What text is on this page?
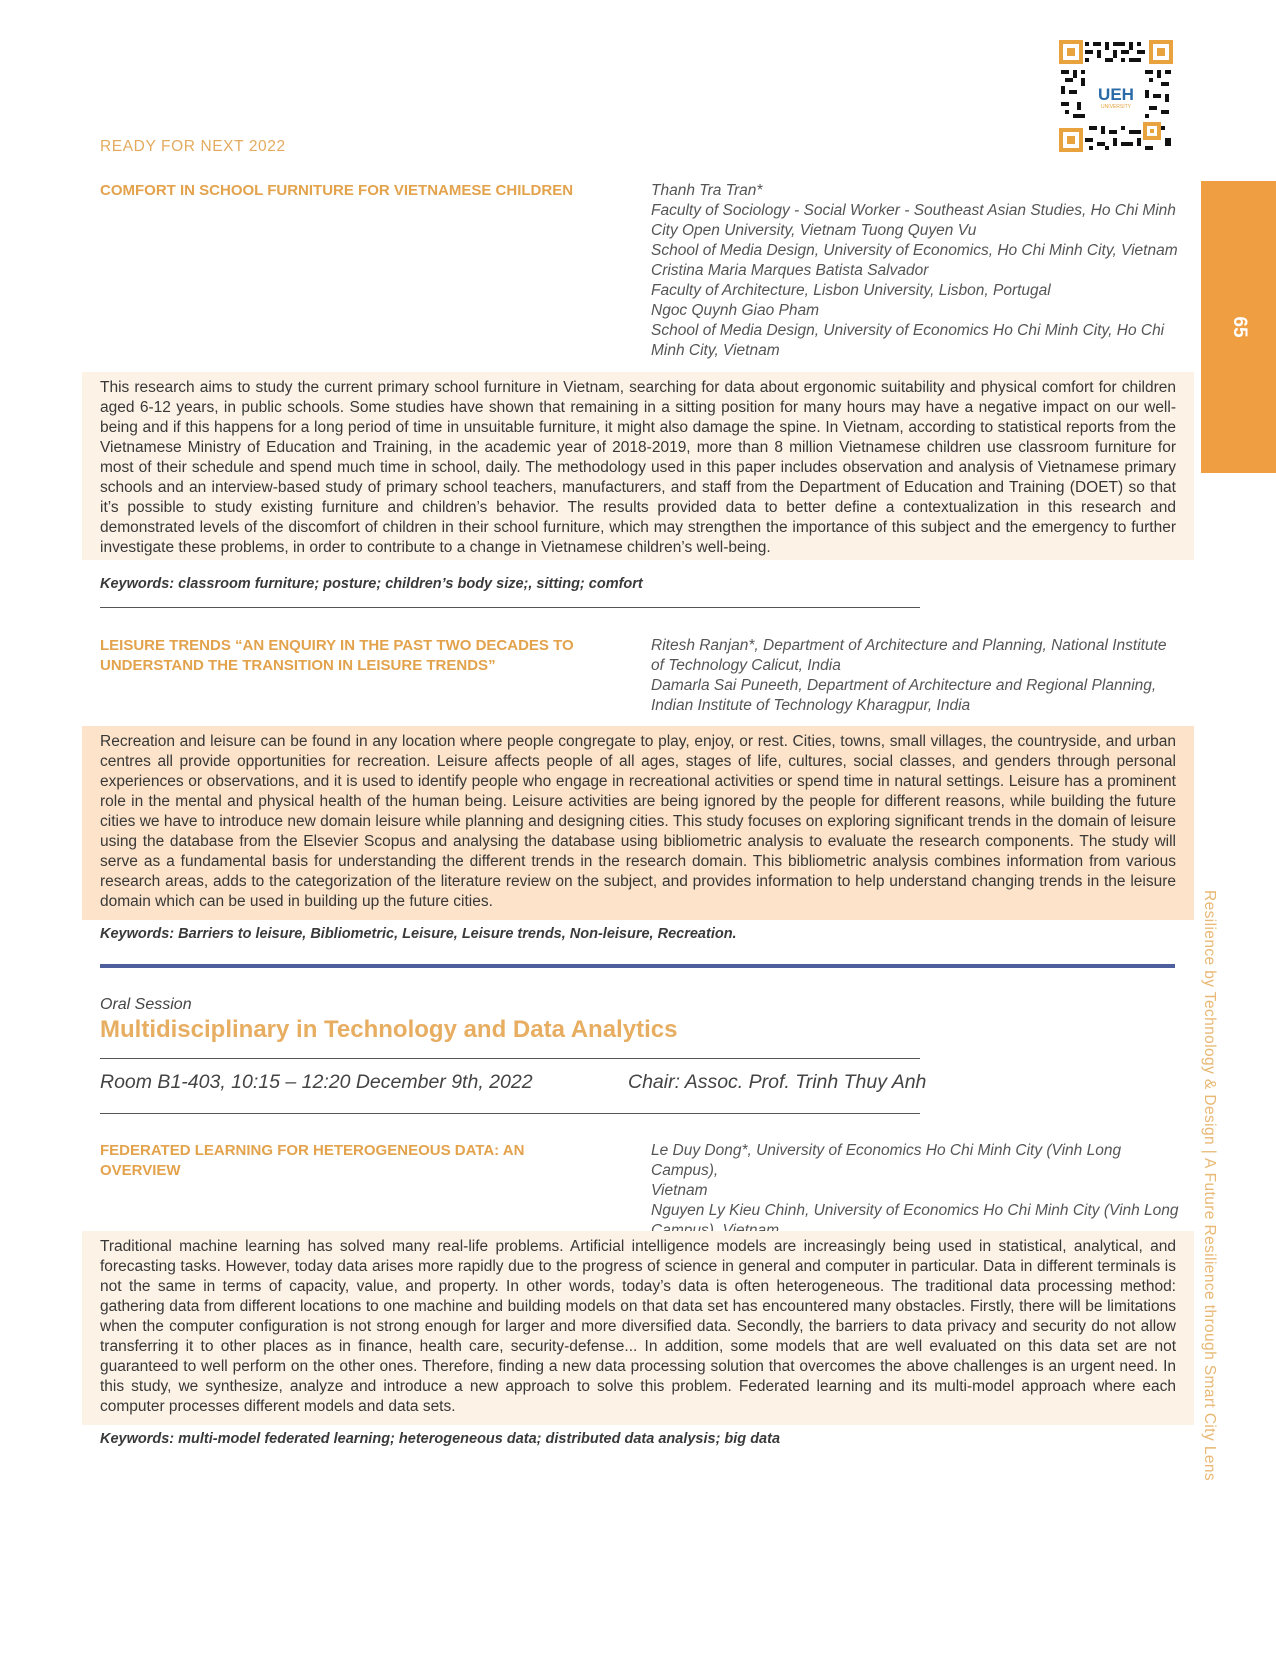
READY FOR NEXT 2022
UEH
UNIVERSITY
65
Resilience by Technology & Design | A Future Resilience through Smart City Lens
COMFORT IN SCHOOL FURNITURE FOR VIETNAMESE CHILDREN	Thanh Tra Tran*
Faculty of Sociology - Social Worker - Southeast Asian Studies, Ho Chi Minh
City Open University, Vietnam Tuong Quyen Vu
School of Media Design, University of Economics, Ho Chi Minh City, Vietnam
Cristina Maria Marques Batista Salvador
Faculty of Architecture, Lisbon University, Lisbon, Portugal
Ngoc Quynh Giao Pham
School of Media Design, University of Economics Ho Chi Minh City, Ho Chi
Minh City, Vietnam
This research aims to study the current primary school furniture in Vietnam, searching for data about ergonomic suitability and physical comfort for children aged 6-12 years, in public schools. Some studies have shown that remaining in a sitting position for many hours may have a negative impact on our well-being and if this happens for a long period of time in unsuitable furniture, it might also damage the spine. In Vietnam, according to statistical reports from the Vietnamese Ministry of Education and Training, in the academic year of 2018-2019, more than 8 million Vietnamese children use classroom furniture for most of their schedule and spend much time in school, daily. The methodology used in this paper includes observation and analysis of Vietnamese primary schools and an interview-based study of primary school teachers, manufacturers, and staff from the Department of Education and Training (DOET) so that it’s possible to study existing furniture and children’s behavior. The results provided data to better define a contextualization in this research and demonstrated levels of the discomfort of children in their school furniture, which may strengthen the importance of this subject and the emergency to further investigate these problems, in order to contribute to a change in Vietnamese children’s well-being.
Keywords: classroom furniture; posture; children’s body size;, sitting; comfort
LEISURE TRENDS “AN ENQUIRY IN THE PAST TWO DECADES TO UNDERSTAND THE TRANSITION IN LEISURE TRENDS”
Ritesh Ranjan*, Department of Architecture and Planning, National Institute
of Technology Calicut, India
Damarla Sai Puneeth, Department of Architecture and Regional Planning,
Indian Institute of Technology Kharagpur, India
Recreation and leisure can be found in any location where people congregate to play, enjoy, or rest. Cities, towns, small villages, the countryside, and urban centres all provide opportunities for recreation. Leisure affects people of all ages, stages of life, cultures, social classes, and genders through personal experiences or observations, and it is used to identify people who engage in recreational activities or spend time in natural settings. Leisure has a prominent role in the mental and physical health of the human being. Leisure activities are being ignored by the people for different reasons, while building the future cities we have to introduce new domain leisure while planning and designing cities. This study focuses on exploring significant trends in the domain of leisure using the database from the Elsevier Scopus and analysing the database using bibliometric analysis to evaluate the research components. The study will serve as a fundamental basis for understanding the different trends in the research domain. This bibliometric analysis combines information from various research areas, adds to the categorization of the literature review on the subject, and provides information to help understand changing trends in the leisure domain which can be used in building up the future cities.
Keywords: Barriers to leisure, Bibliometric, Leisure, Leisure trends, Non-leisure, Recreation.
Oral Session
Multidisciplinary in Technology and Data Analytics
Room B1-403, 10:15 – 12:20 December 9th, 2022	Chair: Assoc. Prof. Trinh Thuy Anh
FEDERATED LEARNING FOR HETEROGENEOUS DATA: AN OVERVIEW
Le Duy Dong*, University of Economics Ho Chi Minh City (Vinh Long Campus),
Vietnam
Nguyen Ly Kieu Chinh, University of Economics Ho Chi Minh City (Vinh Long
Traditional machine learning has solved many real-life problems. Artificial intelligence models are increasingly being used in statistical, analytical, and forecasting tasks. However, today data arises more rapidly due to the progress of science in general and computer in particular. Data in different terminals is not the same in terms of capacity, value, and property. In other words, today’s data is often heterogeneous. The traditional data processing method: gathering data from different locations to one machine and building models on that data set has encountered many obstacles. Firstly, there will be limitations when the computer configuration is not strong enough for larger and more diversified data. Secondly, the barriers to data privacy and security do not allow transferring it to other places as in finance, health care, security-defense... In addition, some models that are well evaluated on this data set are not guaranteed to well perform on the other ones. Therefore, finding a new data processing solution that overcomes the above challenges is an urgent need. In this study, we synthesize, analyze and introduce a new approach to solve this problem. Federated learning and its multi-model approach where each computer processes different models and data sets.
Keywords: multi-model federated learning; heterogeneous data; distributed data analysis; big data
